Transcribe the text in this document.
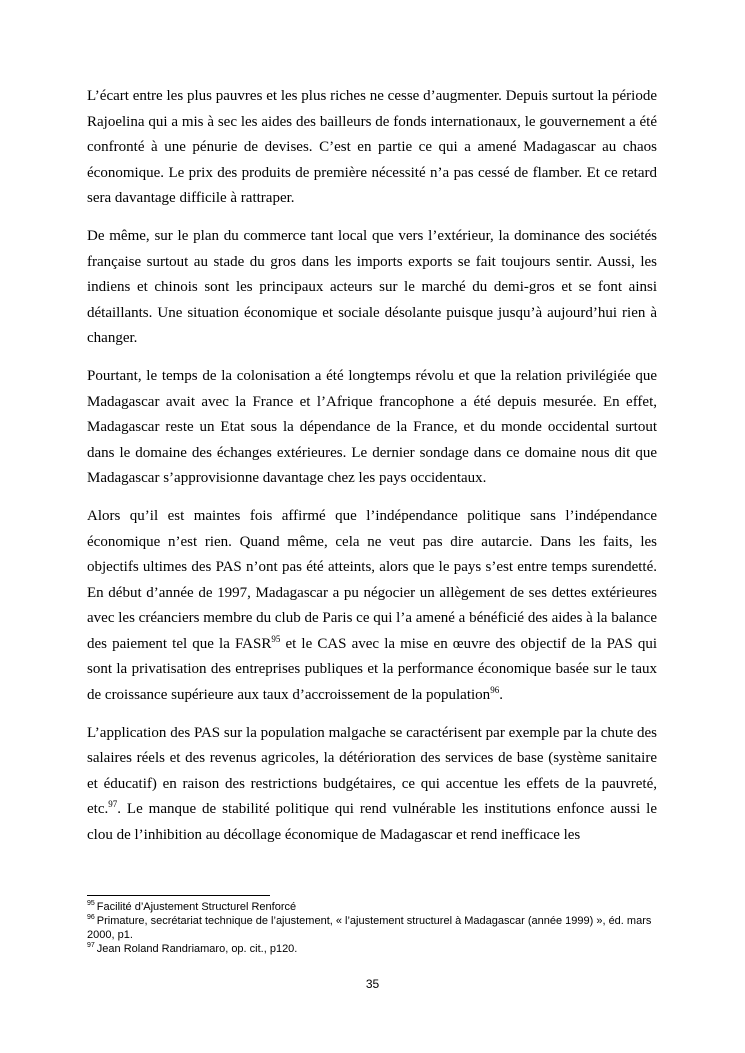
L’écart entre les plus pauvres et les plus riches ne cesse d’augmenter. Depuis surtout la période Rajoelina qui a mis à sec les aides des bailleurs de fonds internationaux, le gouvernement a été confronté à une pénurie de devises. C’est en partie ce qui a amené Madagascar au chaos économique. Le prix des produits de première nécessité n’a pas cessé de flamber. Et ce retard sera davantage difficile à rattraper.

De même, sur le plan du commerce tant local que vers l’extérieur, la dominance des sociétés française surtout au stade du gros dans les imports exports se fait toujours sentir. Aussi, les indiens et chinois sont les principaux acteurs sur le marché du demi-gros et se font ainsi détaillants. Une situation économique et sociale désolante puisque jusqu’à aujourd’hui rien à changer.

Pourtant, le temps de la colonisation a été longtemps révolu et que la relation privilégiée que Madagascar avait avec la France et l’Afrique francophone a été depuis mesurée. En effet, Madagascar reste un Etat sous la dépendance de la France, et du monde occidental surtout dans le domaine des échanges extérieures. Le dernier sondage dans ce domaine nous dit que Madagascar s’approvisionne davantage chez les pays occidentaux.

Alors qu’il est maintes fois affirmé que l’indépendance politique sans l’indépendance économique n’est rien. Quand même, cela ne veut pas dire autarcie. Dans les faits, les objectifs ultimes des PAS n’ont pas été atteints, alors que le pays s’est entre temps surendetté. En début d’année de 1997, Madagascar a pu négocier un allègement de ses dettes extérieures avec les créanciers membre du club de Paris ce qui l’a amené a bénéficié des aides à la balance des paiement tel que la FASR$^{95}$ et le CAS avec la mise en œuvre des objectif de la PAS qui sont la privatisation des entreprises publiques et la performance économique basée sur le taux de croissance supérieure aux taux d’accroissement de la population$^{96}$.

L’application des PAS sur la population malgache se caractérisent par exemple par la chute des salaires réels et des revenus agricoles, la détérioration des services de base (système sanitaire et éducatif) en raison des restrictions budgétaires, ce qui accentue les effets de la pauvreté, etc.$^{97}$. Le manque de stabilité politique qui rend vulnérable les institutions enfonce aussi le clou de l’inhibition au décollage économique de Madagascar et rend inefficace les

$^{95}$ Facilité d’Ajustement Structurel Renforcé

$^{96}$ Primature, secrétariat technique de l’ajustement, « l’ajustement structurel à Madagascar (année 1999) », éd. mars 2000, p1.

$^{97}$ Jean Roland Randriamaro, op. cit., p120.

35
